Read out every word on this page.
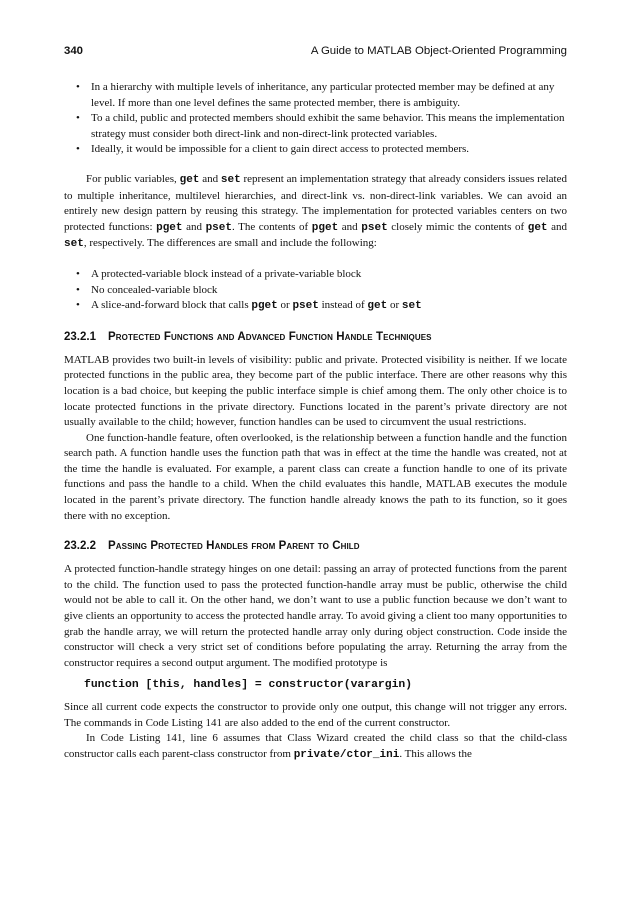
340	A Guide to MATLAB Object-Oriented Programming
• In a hierarchy with multiple levels of inheritance, any particular protected member may be defined at any level. If more than one level defines the same protected member, there is ambiguity.
• To a child, public and protected members should exhibit the same behavior. This means the implementation strategy must consider both direct-link and non-direct-link protected variables.
• Ideally, it would be impossible for a client to gain direct access to protected members.

For public variables, get and set represent an implementation strategy that already considers issues related to multiple inheritance, multilevel hierarchies, and direct-link vs. non-direct-link variables. We can avoid an entirely new design pattern by reusing this strategy. The implementation for protected variables centers on two protected functions: pget and pset. The contents of pget and pset closely mimic the contents of get and set, respectively. The differences are small and include the following:

• A protected-variable block instead of a private-variable block
• No concealed-variable block
• A slice-and-forward block that calls pget or pset instead of get or set
23.2.1 Protected Functions and Advanced Function Handle Techniques

MATLAB provides two built-in levels of visibility: public and private. Protected visibility is neither. If we locate protected functions in the public area, they become part of the public interface. There are other reasons why this location is a bad choice, but keeping the public interface simple is chief among them. The only other choice is to locate protected functions in the private directory. Functions located in the parent’s private directory are not usually available to the child; however, function handles can be used to circumvent the usual restrictions.

One function-handle feature, often overlooked, is the relationship between a function handle and the function search path. A function handle uses the function path that was in effect at the time the handle was created, not at the time the handle is evaluated. For example, a parent class can create a function handle to one of its private functions and pass the handle to a child. When the child evaluates this handle, MATLAB executes the module located in the parent’s private directory. The function handle already knows the path to its function, so it goes there with no exception.

23.2.2 Passing Protected Handles from Parent to Child

A protected function-handle strategy hinges on one detail: passing an array of protected functions from the parent to the child. The function used to pass the protected function-handle array must be public, otherwise the child would not be able to call it. On the other hand, we don’t want to use a public function because we don’t want to give clients an opportunity to access the protected handle array. To avoid giving a client too many opportunities to grab the handle array, we will return the protected handle array only during object construction. Code inside the constructor will check a very strict set of conditions before populating the array. Returning the array from the constructor requires a second output argument. The modified prototype is

function [this, handles] = constructor(varargin)

Since all current code expects the constructor to provide only one output, this change will not trigger any errors. The commands in Code Listing 141 are also added to the end of the current constructor.

In Code Listing 141, line 6 assumes that Class Wizard created the child class so that the child-class constructor calls each parent-class constructor from private/ctor_ini. This allows the
